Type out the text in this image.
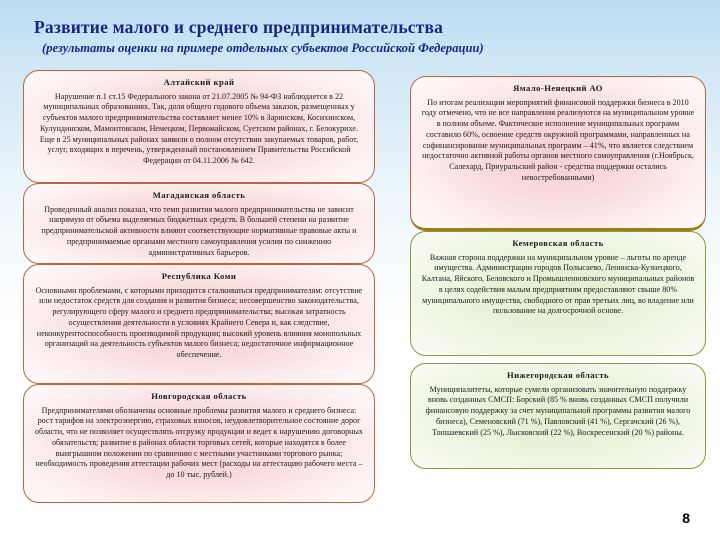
Развитие малого и среднего предпринимательства
(результаты оценки на примере отдельных субъектов Российской Федерации)
Алтайский край
Нарушение п.1 ст.15 Федерального закона от 21.07.2005 № 94-ФЗ наблюдается в 22 муниципальных образованиях. Так, доля общего годового объема заказов, размещенных у субъектов малого предпринимательства составляет менее 10% в Заринском, Косихинском, Кулундинском, Мамонтовском, Немецком, Первомайском, Суетском районах, г. Белокурихе. Еще в 25 муниципальных районах заявили о полном отсутствии закупаемых товаров, работ, услуг, входящих в перечень, утвержденный постановлением Правительства Российской Федерации от 04.11.2006 № 642.
Магаданская область
Проведенный анализ показал, что темп развития малого предпринимательства не зависит напрямую от объема выделяемых бюджетных средств. В большей степени на развитие предпринимательской активности влияют соответствующие нормативные правовые акты и предпринимаемые органами местного самоуправления усилия по снижению административных барьеров.
Республика Коми
Основными проблемами, с которыми приходится сталкиваться предпринимателям: отсутствие или недостаток средств для создания и развития бизнеса; несовершенство законодательства, регулирующего сферу малого и среднего предпринимательства; высокая затратность осуществления деятельности в условиях Крайнего Севера и, как следствие, неконкурентоспособность производимой продукции; высокий уровень влияния монопольных организаций на деятельность субъектов малого бизнеса; недостаточное информационное обеспечение.
Новгородская область
Предпринимателями обозначены основные проблемы развития малого и среднего бизнеса: рост тарифов на электроэнергию, страховых взносов, неудовлетворительное состояние дорог области, что не позволяет осуществлять отгрузку продукции и ведет к нарушению договорных обязательств; развитие в районах области торговых сетей, которые находятся в более выигрышном положении по сравнению с местными участниками торгового рынка; необходимость проведения аттестации рабочих мест (расходы на аттестацию рабочего места – до 10 тыс. рублей.)
Ямало-Ненецкий АО
По итогам реализации мероприятий финансовой поддержки бизнеса в 2010 году отмечено, что не все направления реализуются на муниципальном уровне в полном объеме. Фактическое исполнение муниципальных программ составило 60%, освоение средств окружной программами, направленных на софинансирование муниципальных программ – 41%, что является следствием недостаточно активной работы органов местного самоуправления (г.Ноябрьск, Салехард, Приуральский район - средства поддержки остались невостребованными)
Кемеровская область
Важная сторона поддержки на муниципальном уровне – льготы по аренде имущества. Администрации городов Полысаево, Ленинска-Кузнецкого, Калтана, Яйского, Беловского и Промышленновского муниципальных районов в целях содействия малым предприятиям предоставляют свыше 80% муниципального имущества, свободного от прав третьих лиц, во владение или пользование на долгосрочной основе.
Нижегородская область
Муниципалитеты, которые сумели организовать значительную поддержку вновь созданных СМСП: Борский (85 % вновь созданных СМСП получили финансовую поддержку за счет муниципальной программы развития малого бизнеса), Семеновский (71 %), Павловский (41 %), Сергачский (26 %), Тоншаевский (25 %), Лысковский (22 %), Воскресенский (20 %) районы.
8
